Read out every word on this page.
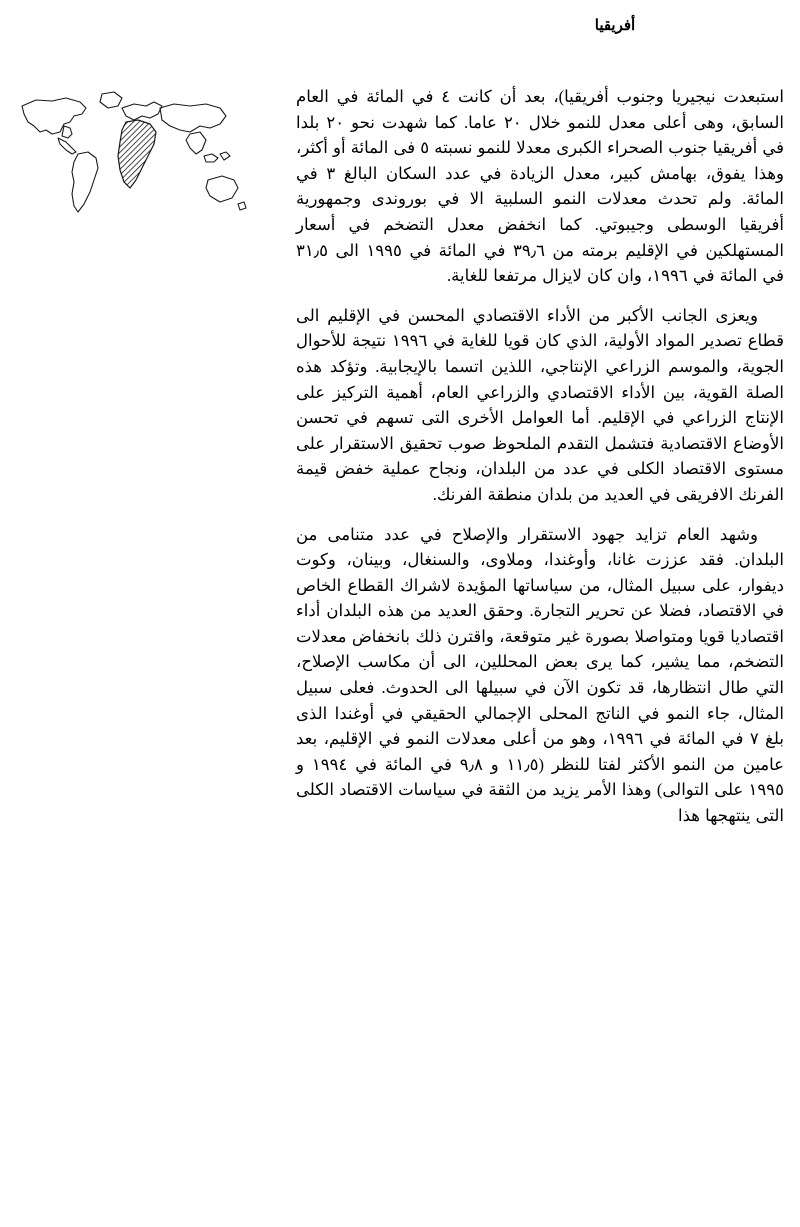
أفريقيا

استبعدت نيجيريا وجنوب أفريقيا)، بعد أن كانت ٤ في المائة في العام السابق، وهى أعلى معدل للنمو خلال ٢٠ عاما. كما شهدت نحو ٢٠ بلدا في أفريقيا جنوب الصحراء الكبرى معدلا للنمو نسبته ٥ فى المائة أو أكثر، وهذا يفوق، بهامش كبير، معدل الزيادة في عدد السكان البالغ ٣ في المائة. ولم تحدث معدلات النمو السلبية الا في بوروندى وجمهورية أفريقيا الوسطى وجيبوتي. كما انخفض معدل التضخم في أسعار المستهلكين في الإقليم برمته من ٣٩٫٦ في المائة في ١٩٩٥ الى ٣١٫٥ في المائة في ١٩٩٦، وان كان لايزال مرتفعا للغاية.

ويعزى الجانب الأكبر من الأداء الاقتصادي المحسن في الإقليم الى قطاع تصدير المواد الأولية، الذي كان قويا للغاية في ١٩٩٦ نتيجة للأحوال الجوية، والموسم الزراعي الإنتاجي، اللذين اتسما بالإيجابية. وتؤكد هذه الصلة القوية، بين الأداء الاقتصادي والزراعي العام، أهمية التركيز على الإنتاج الزراعي في الإقليم. أما العوامل الأخرى التى تسهم في تحسن الأوضاع الاقتصادية فتشمل التقدم الملحوظ صوب تحقيق الاستقرار على مستوى الاقتصاد الكلى في عدد من البلدان، ونجاح عملية خفض قيمة الفرنك الافريقى في العديد من بلدان منطقة الفرنك.

وشهد العام تزايد جهود الاستقرار والإصلاح في عدد متنامى من البلدان. فقد عززت غانا، وأوغندا، وملاوى، والسنغال، وبينان، وكوت ديفوار، على سبيل المثال، من سياساتها المؤيدة لاشراك القطاع الخاص في الاقتصاد، فضلا عن تحرير التجارة. وحقق العديد من هذه البلدان أداء اقتصاديا قويا ومتواصلا بصورة غير متوقعة، واقترن ذلك بانخفاض معدلات التضخم، مما يشير، كما يرى بعض المحللين، الى أن مكاسب الإصلاح، التي طال انتظارها، قد تكون الآن في سبيلها الى الحدوث. فعلى سبيل المثال، جاء النمو في الناتج المحلى الإجمالي الحقيقي في أوغندا الذى بلغ ٧ في المائة في ١٩٩٦، وهو من أعلى معدلات النمو في الإقليم، بعد عامين من النمو الأكثر لفتا للنظر (١١٫٥ و ٩٫٨ في المائة في ١٩٩٤ و ١٩٩٥ على التوالى) وهذا الأمر يزيد من الثقة في سياسات الاقتصاد الكلى التى ينتهجها هذا
